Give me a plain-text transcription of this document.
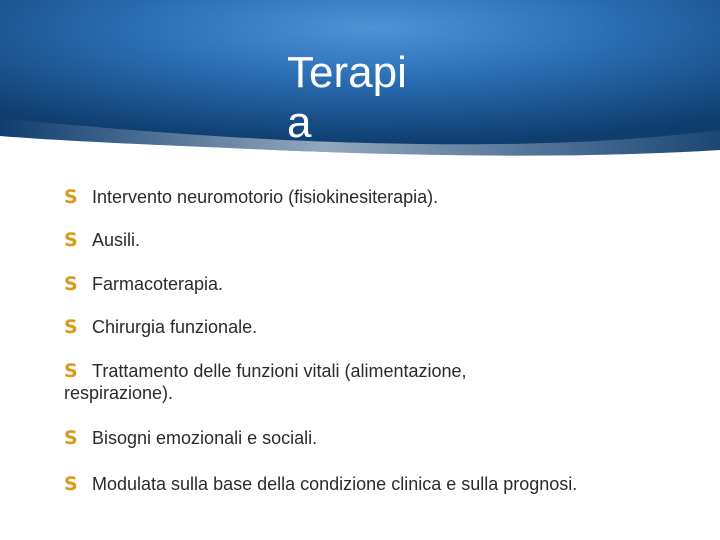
Terapi a
S Intervento neuromotorio (fisiokinesiterapia).
S Ausili.
S Farmacoterapia.
S Chirurgia funzionale.
S Trattamento delle funzioni vitali (alimentazione, respirazione).
S Bisogni emozionali e sociali.
S Modulata sulla base della condizione clinica e sulla prognosi.
